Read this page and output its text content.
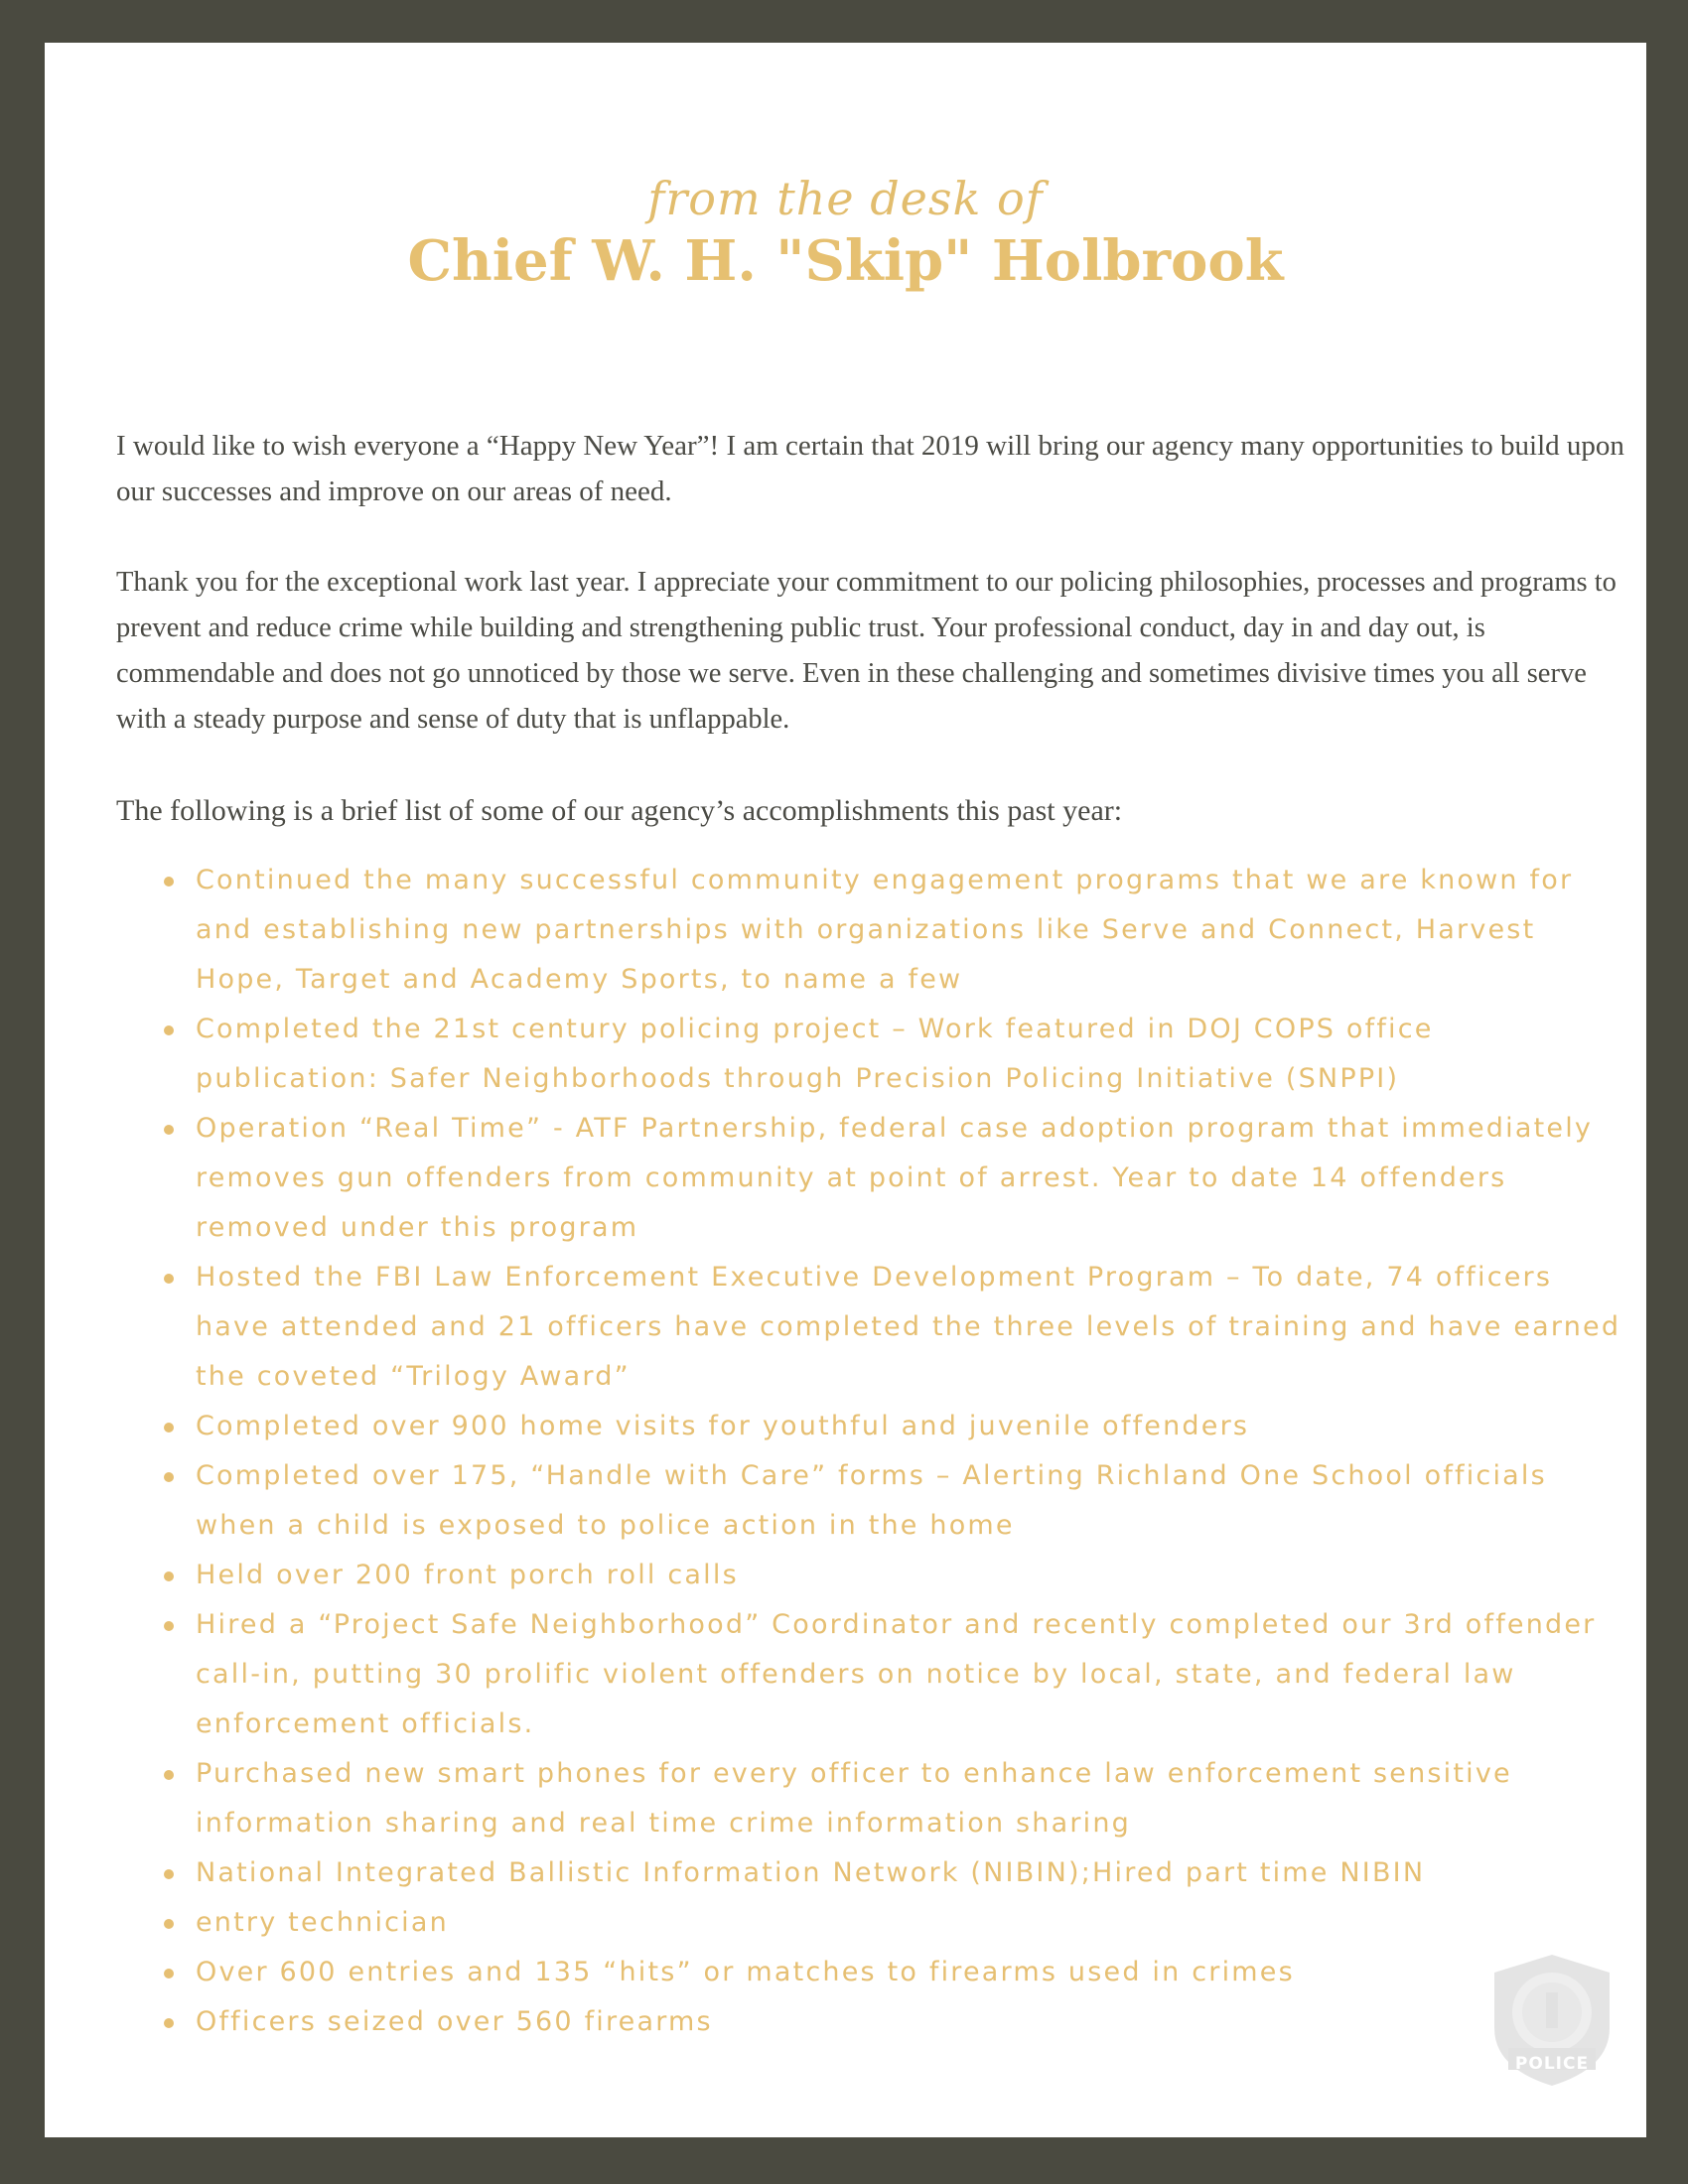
from the desk of
Chief W. H. "Skip" Holbrook

I would like to wish everyone a “Happy New Year”! I am certain that 2019 will bring our agency many opportunities to build upon our successes and improve on our areas of need.

Thank you for the exceptional work last year. I appreciate your commitment to our policing philosophies, processes and programs to prevent and reduce crime while building and strengthening public trust. Your professional conduct, day in and day out, is commendable and does not go unnoticed by those we serve. Even in these challenging and sometimes divisive times you all serve with a steady purpose and sense of duty that is unflappable.

The following is a brief list of some of our agency’s accomplishments this past year:

Continued the many successful community engagement programs that we are known for and establishing new partnerships with organizations like Serve and Connect, Harvest Hope, Target and Academy Sports, to name a few
Completed the 21st century policing project – Work featured in DOJ COPS office publication: Safer Neighborhoods through Precision Policing Initiative (SNPPI)
Operation “Real Time” - ATF Partnership, federal case adoption program that immediately removes gun offenders from community at point of arrest. Year to date 14 offenders removed under this program
Hosted the FBI Law Enforcement Executive Development Program – To date, 74 officers have attended and 21 officers have completed the three levels of training and have earned the coveted “Trilogy Award”
Completed over 900 home visits for youthful and juvenile offenders
Completed over 175, “Handle with Care” forms – Alerting Richland One School officials when a child is exposed to police action in the home
Held over 200 front porch roll calls
Hired a “Project Safe Neighborhood” Coordinator and recently completed our 3rd offender call-in, putting 30 prolific violent offenders on notice by local, state, and federal law enforcement officials.
Purchased new smart phones for every officer to enhance law enforcement sensitive information sharing and real time crime information sharing
National Integrated Ballistic Information Network (NIBIN);Hired part time NIBIN
entry technician
Over 600 entries and 135 “hits” or matches to firearms used in crimes
Officers seized over 560 firearms
POLICE
